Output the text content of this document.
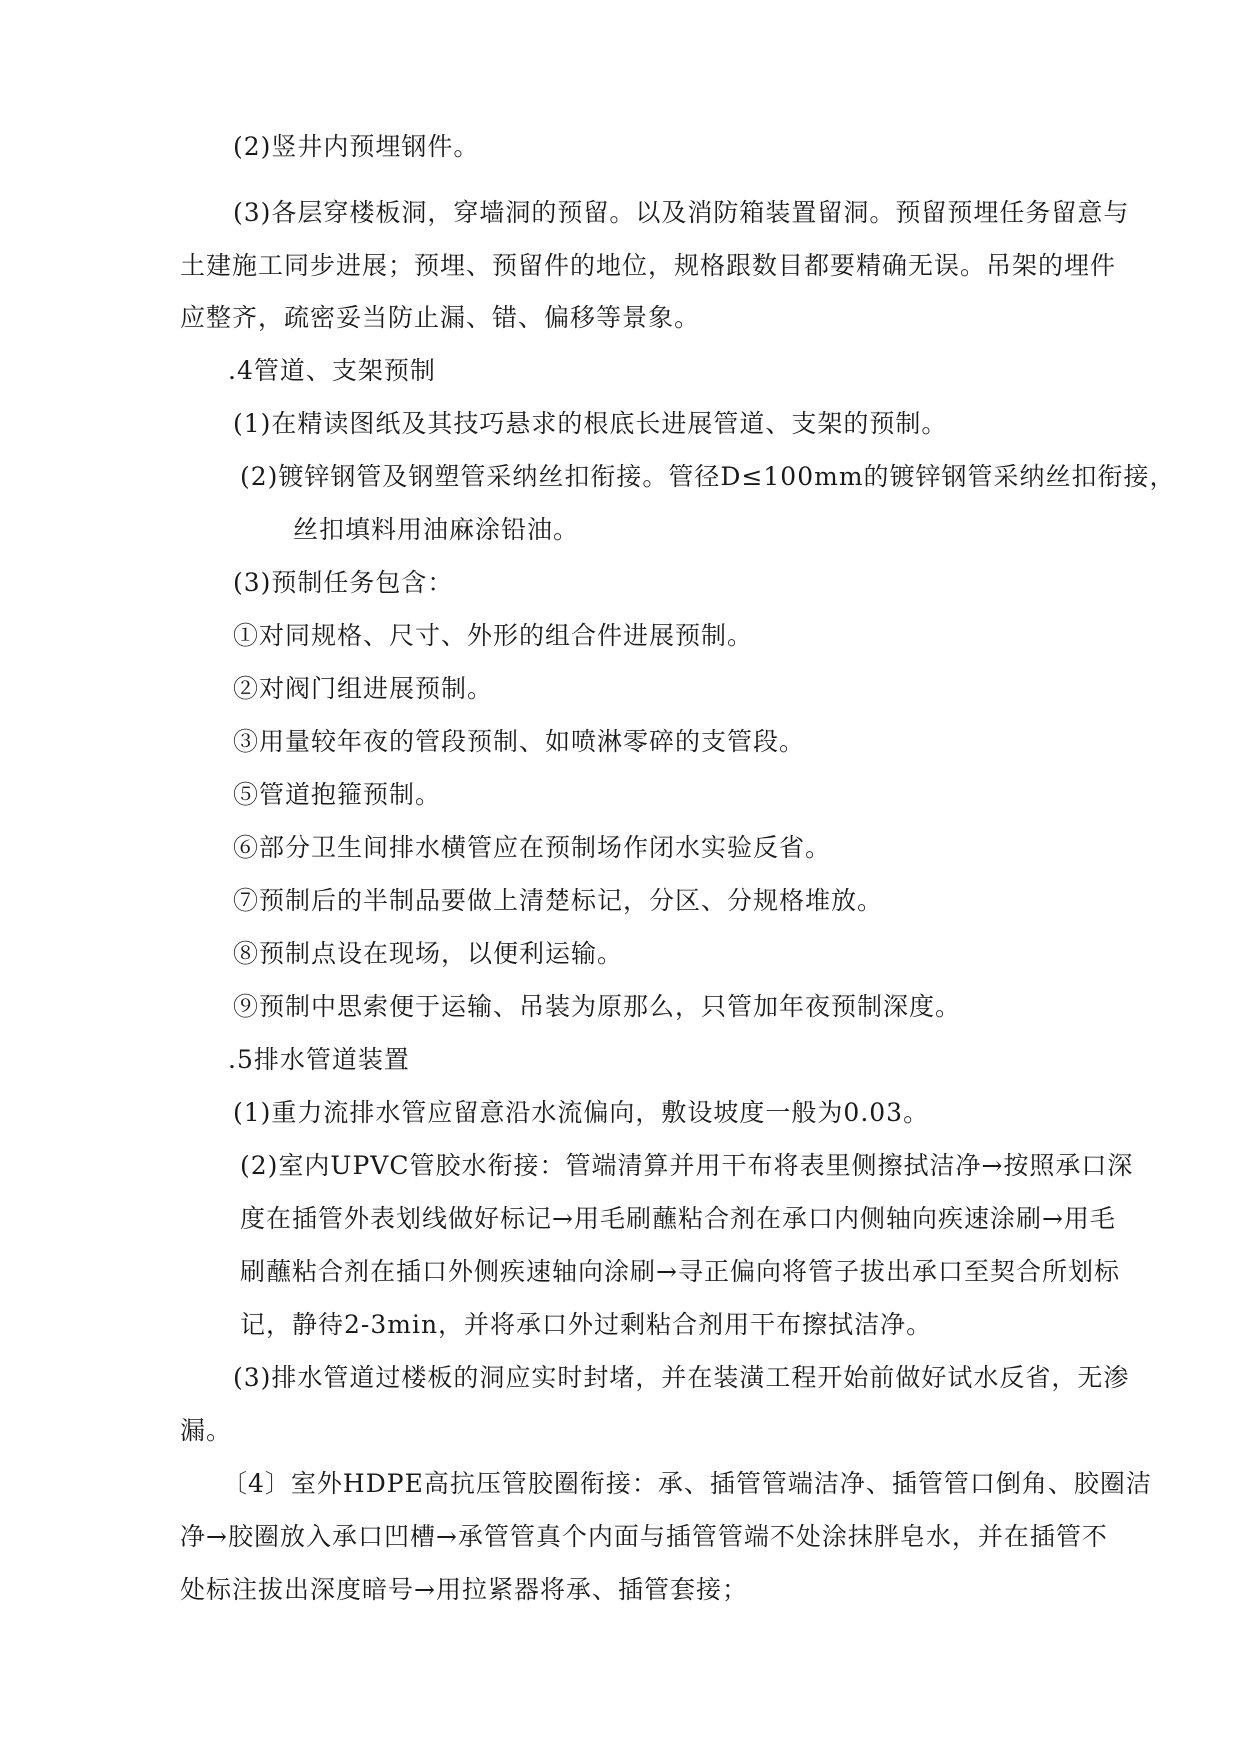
(2)竖井内预埋钢件。
(3)各层穿楼板洞，穿墙洞的预留。以及消防箱装置留洞。预留预埋任务留意与
土建施工同步进展；预埋、预留件的地位，规格跟数目都要精确无误。吊架的埋件
应整齐，疏密妥当防止漏、错、偏移等景象。
.4管道、支架预制
(1)在精读图纸及其技巧悬求的根底长进展管道、支架的预制。
(2)镀锌钢管及钢塑管采纳丝扣衔接。管径D≤100mm的镀锌钢管采纳丝扣衔接，
丝扣填料用油麻涂铅油。
(3)预制任务包含：
①对同规格、尺寸、外形的组合件进展预制。
②对阀门组进展预制。
③用量较年夜的管段预制、如喷淋零碎的支管段。
⑤管道抱箍预制。
⑥部分卫生间排水横管应在预制场作闭水实验反省。
⑦预制后的半制品要做上清楚标记，分区、分规格堆放。
⑧预制点设在现场，以便利运输。
⑨预制中思索便于运输、吊装为原那么，只管加年夜预制深度。
.5排水管道装置
(1)重力流排水管应留意沿水流偏向，敷设坡度一般为0.03。
(2)室内UPVC管胶水衔接：管端清算并用干布将表里侧擦拭洁净→按照承口深
度在插管外表划线做好标记→用毛刷蘸粘合剂在承口内侧轴向疾速涂刷→用毛
刷蘸粘合剂在插口外侧疾速轴向涂刷→寻正偏向将管子拔出承口至契合所划标
记，静待2-3min，并将承口外过剩粘合剂用干布擦拭洁净。
(3)排水管道过楼板的洞应实时封堵，并在装潢工程开始前做好试水反省，无渗
漏。
〔4〕室外HDPE高抗压管胶圈衔接：承、插管管端洁净、插管管口倒角、胶圈洁
净→胶圈放入承口凹槽→承管管真个内面与插管管端不处涂抹胖皂水，并在插管不
处标注拔出深度暗号→用拉紧器将承、插管套接；
